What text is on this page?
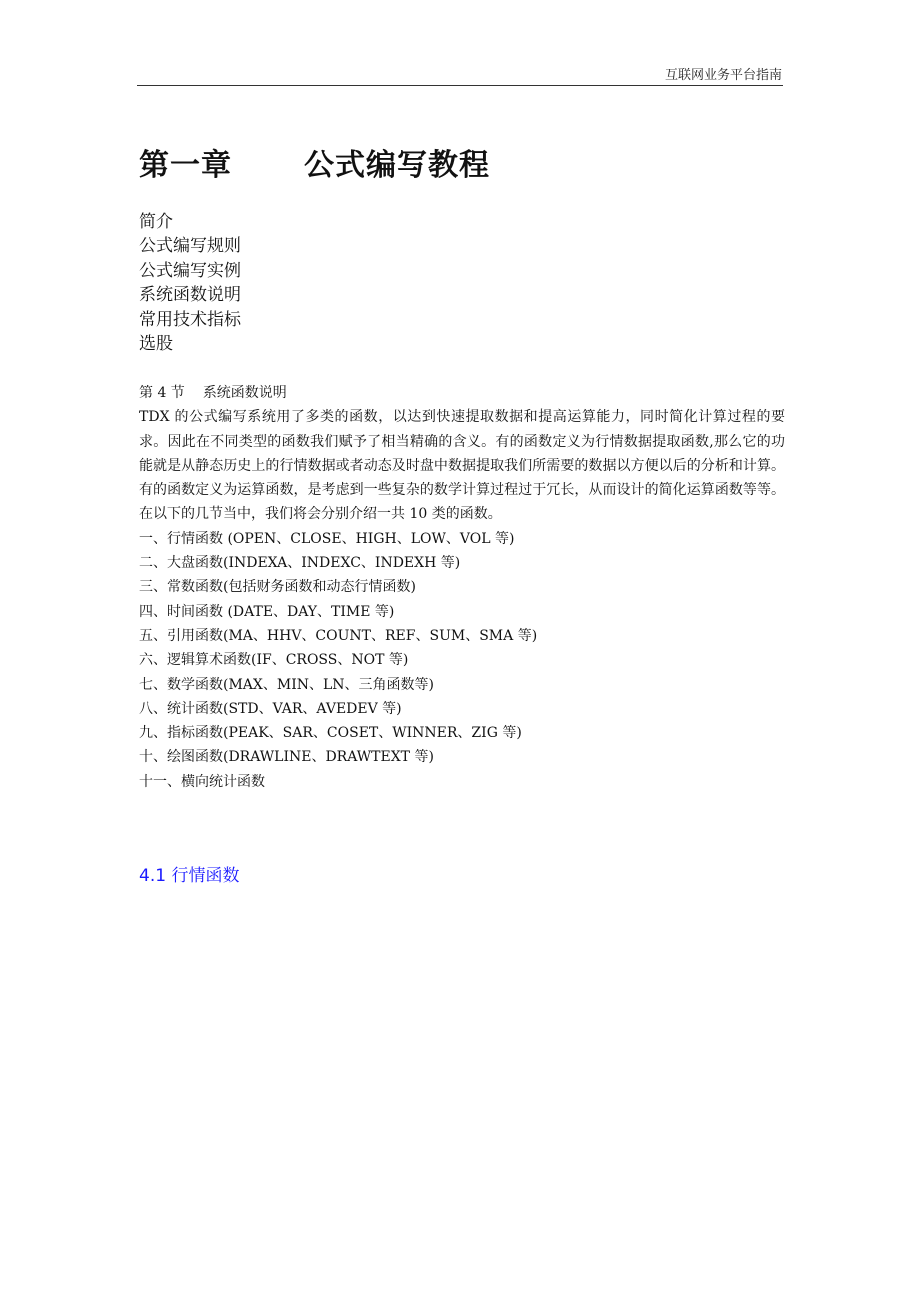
互联网业务平台指南
第一章 公式编写教程
简介
公式编写规则
公式编写实例
系统函数说明
常用技术指标
选股
第 4 节 系统函数说明

TDX 的公式编写系统用了多类的函数，以达到快速提取数据和提高运算能力，同时简化计算过程的要求。因此在不同类型的函数我们赋予了相当精确的含义。有的函数定义为行情数据提取函数,那么它的功能就是从静态历史上的行情数据或者动态及时盘中数据提取我们所需要的数据以方便以后的分析和计算。有的函数定义为运算函数，是考虑到一些复杂的数学计算过程过于冗长，从而设计的简化运算函数等等。在以下的几节当中，我们将会分别介绍一共 10 类的函数。

一、行情函数 (OPEN、CLOSE、HIGH、LOW、VOL 等)
二、大盘函数(INDEXA、INDEXC、INDEXH 等)
三、常数函数(包括财务函数和动态行情函数)
四、时间函数 (DATE、DAY、TIME 等)
五、引用函数(MA、HHV、COUNT、REF、SUM、SMA 等)
六、逻辑算术函数(IF、CROSS、NOT 等)
七、数学函数(MAX、MIN、LN、三角函数等)
八、统计函数(STD、VAR、AVEDEV 等)
九、指标函数(PEAK、SAR、COSET、WINNER、ZIG 等)
十、绘图函数(DRAWLINE、DRAWTEXT 等)
十一、横向统计函数
4.1 行情函数
